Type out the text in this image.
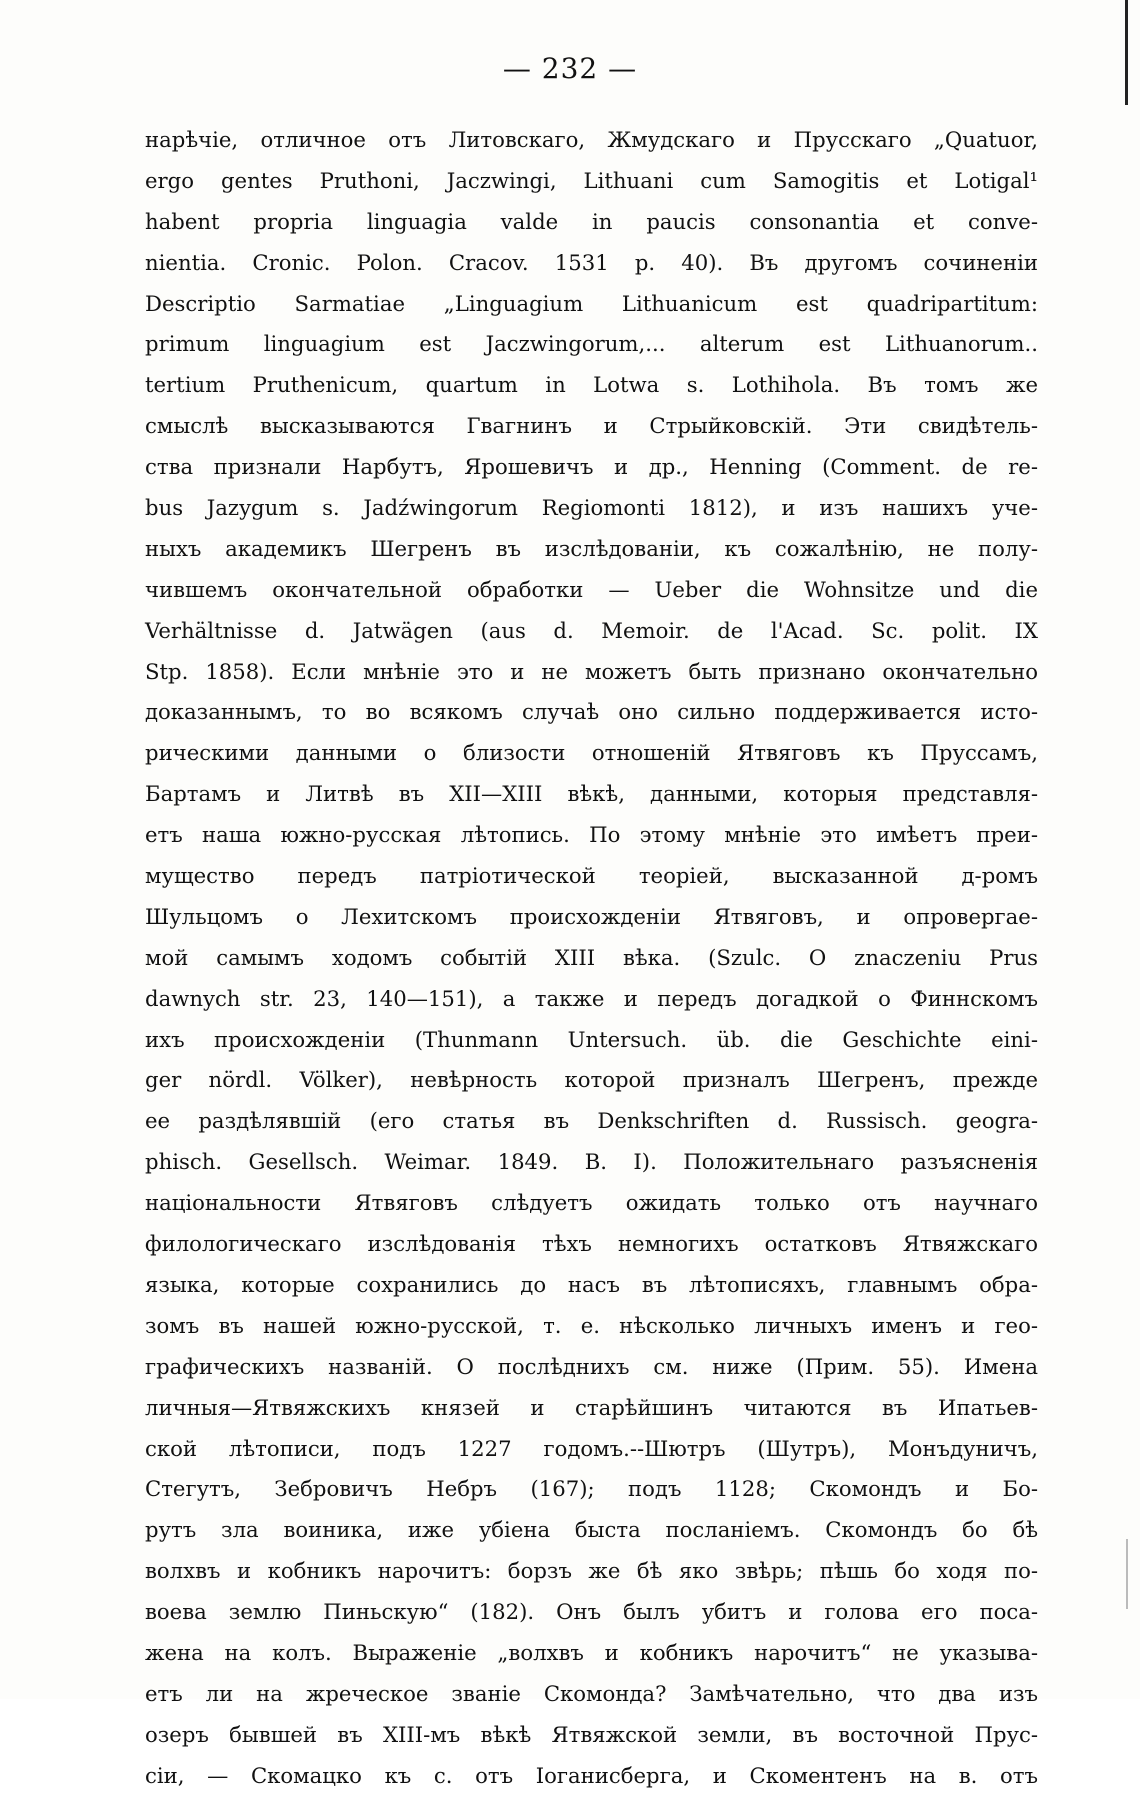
— 232 —
нарѣчіе, отличное отъ Литовскаго, Жмудскаго и Прусскаго „Quatuor,
ergo gentes Pruthoni, Jaczwingi, Lithuani cum Samogitis et Lotigal¹
habent propria linguagia valde in paucis consonantia et conve-
nientia. Cronic. Polon. Cracov. 1531 p. 40). Въ другомъ сочиненіи
Descriptio Sarmatiae „Linguagium Lithuanicum est quadripartitum:
primum linguagium est Jaczwingorum,... alterum est Lithuanorum..
tertium Pruthenicum, quartum in Lotwa s. Lothihola. Въ томъ же
смыслѣ высказываются Гвагнинъ и Стрыйковскій. Эти свидѣтель-
ства признали Нарбутъ, Ярошевичъ и др., Henning (Comment. de re-
bus Jazygum s. Jadźwingorum Regiomonti 1812), и изъ нашихъ уче-
ныхъ академикъ Шегренъ въ изслѣдованіи, къ сожалѣнію, не полу-
чившемъ окончательной обработки — Ueber die Wohnsitze und die
Verhältnisse d. Jatwägen (aus d. Memoir. de l'Acad. Sc. polit. IX
Stp. 1858). Если мнѣніе это и не можетъ быть признано окончательно
доказаннымъ, то во всякомъ случаѣ оно сильно поддерживается исто-
рическими данными о близости отношеній Ятвяговъ къ Пруссамъ,
Бартамъ и Литвѣ въ XII—XIII вѣкѣ, данными, которыя представля-
етъ наша южно-русская лѣтопись. По этому мнѣніе это имѣетъ преи-
мущество передъ патріотической теоріей, высказанной д-ромъ
Шульцомъ о Лехитскомъ происхожденіи Ятвяговъ, и опровергае-
мой самымъ ходомъ событій XIII вѣка. (Szulc. O znaczeniu Prus
dawnych str. 23, 140—151), а также и передъ догадкой о Финнскомъ
ихъ происхожденіи (Thunmann Untersuch. üb. die Geschichte eini-
ger nördl. Völker), невѣрность которой призналъ Шегренъ, прежде
ее раздѣлявшій (его статья въ Denkschriften d. Russisch. geogra-
phisch. Gesellsch. Weimar. 1849. B. I). Положительнаго разъясненія
національности Ятвяговъ слѣдуетъ ожидать только отъ научнаго
филологическаго изслѣдованія тѣхъ немногихъ остатковъ Ятвяжскаго
языка, которые сохранились до насъ въ лѣтописяхъ, главнымъ обра-
зомъ въ нашей южно-русской, т. е. нѣсколько личныхъ именъ и гео-
графическихъ названій. О послѣднихъ см. ниже (Прим. 55). Имена
личныя—Ятвяжскихъ князей и старѣйшинъ читаются въ Ипатьев-
ской лѣтописи, подъ 1227 годомъ.--Шютръ (Шутръ), Монъдуничъ,
Стегутъ, Зебровичъ Небръ (167); подъ 1128; Скомондъ и Бо-
рутъ зла воиника, иже убіена быста посланіемъ. Скомондъ бо бѣ
волхвъ и кобникъ нарочитъ: борзъ же бѣ яко звѣрь; пѣшь бо ходя по-
воева землю Пиньскую“ (182). Онъ былъ убитъ и голова его поса-
жена на колъ. Выраженіе „волхвъ и кобникъ нарочитъ“ не указыва-
етъ ли на жреческое званіе Скомонда? Замѣчательно, что два изъ
озеръ бывшей въ XIII-мъ вѣкѣ Ятвяжской земли, въ восточной Прус-
сіи, — Скомацко къ с. отъ Іоганисберга, и Скоментенъ на в. отъ
